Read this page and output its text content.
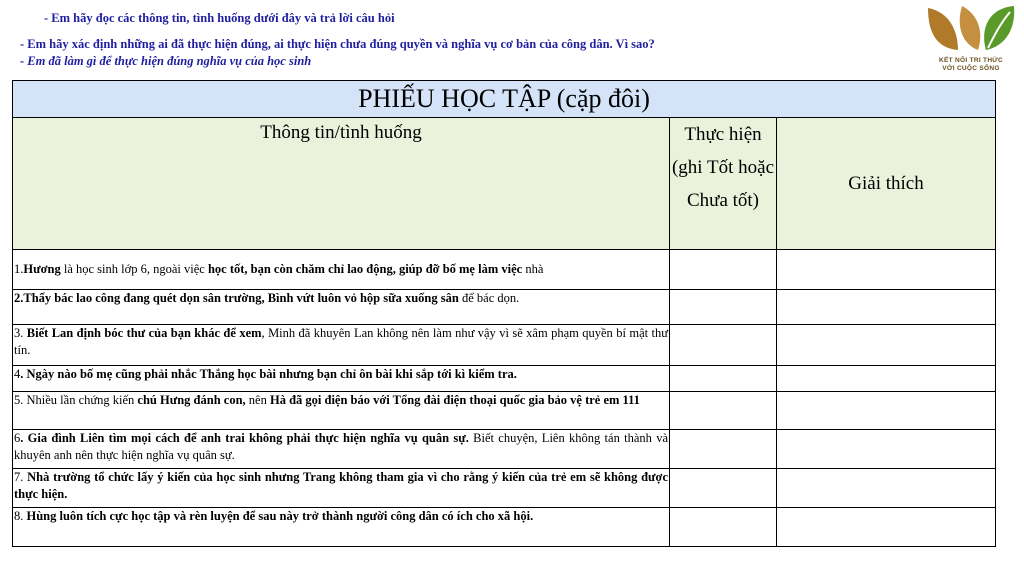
- Em hãy đọc các thông tin, tình huống dưới đây và trả lời câu hỏi
- Em hãy xác định những ai đã thực hiện đúng, ai thực hiện chưa đúng quyền và nghĩa vụ cơ bản của công dân. Vì sao?
- Em đã làm gì để thực hiện đúng nghĩa vụ của học sinh	KẾT NỐI TRI THỨC
VỚI CUỘC SỐNG
PHIẾU HỌC TẬP (cặp đôi)		
Thông tin/tình huống	Thực hiện (ghi Tốt hoặc Chưa tốt)	Giải thích
1.Hương là học sinh lớp 6, ngoài việc học tốt, bạn còn chăm chỉ lao động, giúp đỡ bố mẹ làm việc nhà		
2.Thấy bác lao công đang quét dọn sân trường, Bình vứt luôn vỏ hộp sữa xuống sân để bác dọn.		
3. Biết Lan định bóc thư của bạn khác để xem, Minh đã khuyên Lan không nên làm như vậy vì sẽ xâm phạm quyền bí mật thư tín.		
4. Ngày nào bố mẹ cũng phải nhắc Thắng học bài nhưng bạn chỉ ôn bài khi sắp tới kì kiểm tra.		
5. Nhiều lần chứng kiến chú Hưng đánh con, nên Hà đã gọi điện báo với Tổng đài điện thoại quốc gia bảo vệ trẻ em 111		
6. Gia đình Liên tìm mọi cách để anh trai không phải thực hiện nghĩa vụ quân sự. Biết chuyện, Liên không tán thành và khuyên anh nên thực hiện nghĩa vụ quân sự.		
7. Nhà trường tổ chức lấy ý kiến của học sinh nhưng Trang không tham gia vì cho rằng ý kiến của trẻ em sẽ không được thực hiện.		
8. Hùng luôn tích cực học tập và rèn luyện để sau này trở thành người công dân có ích cho xã hội.		
